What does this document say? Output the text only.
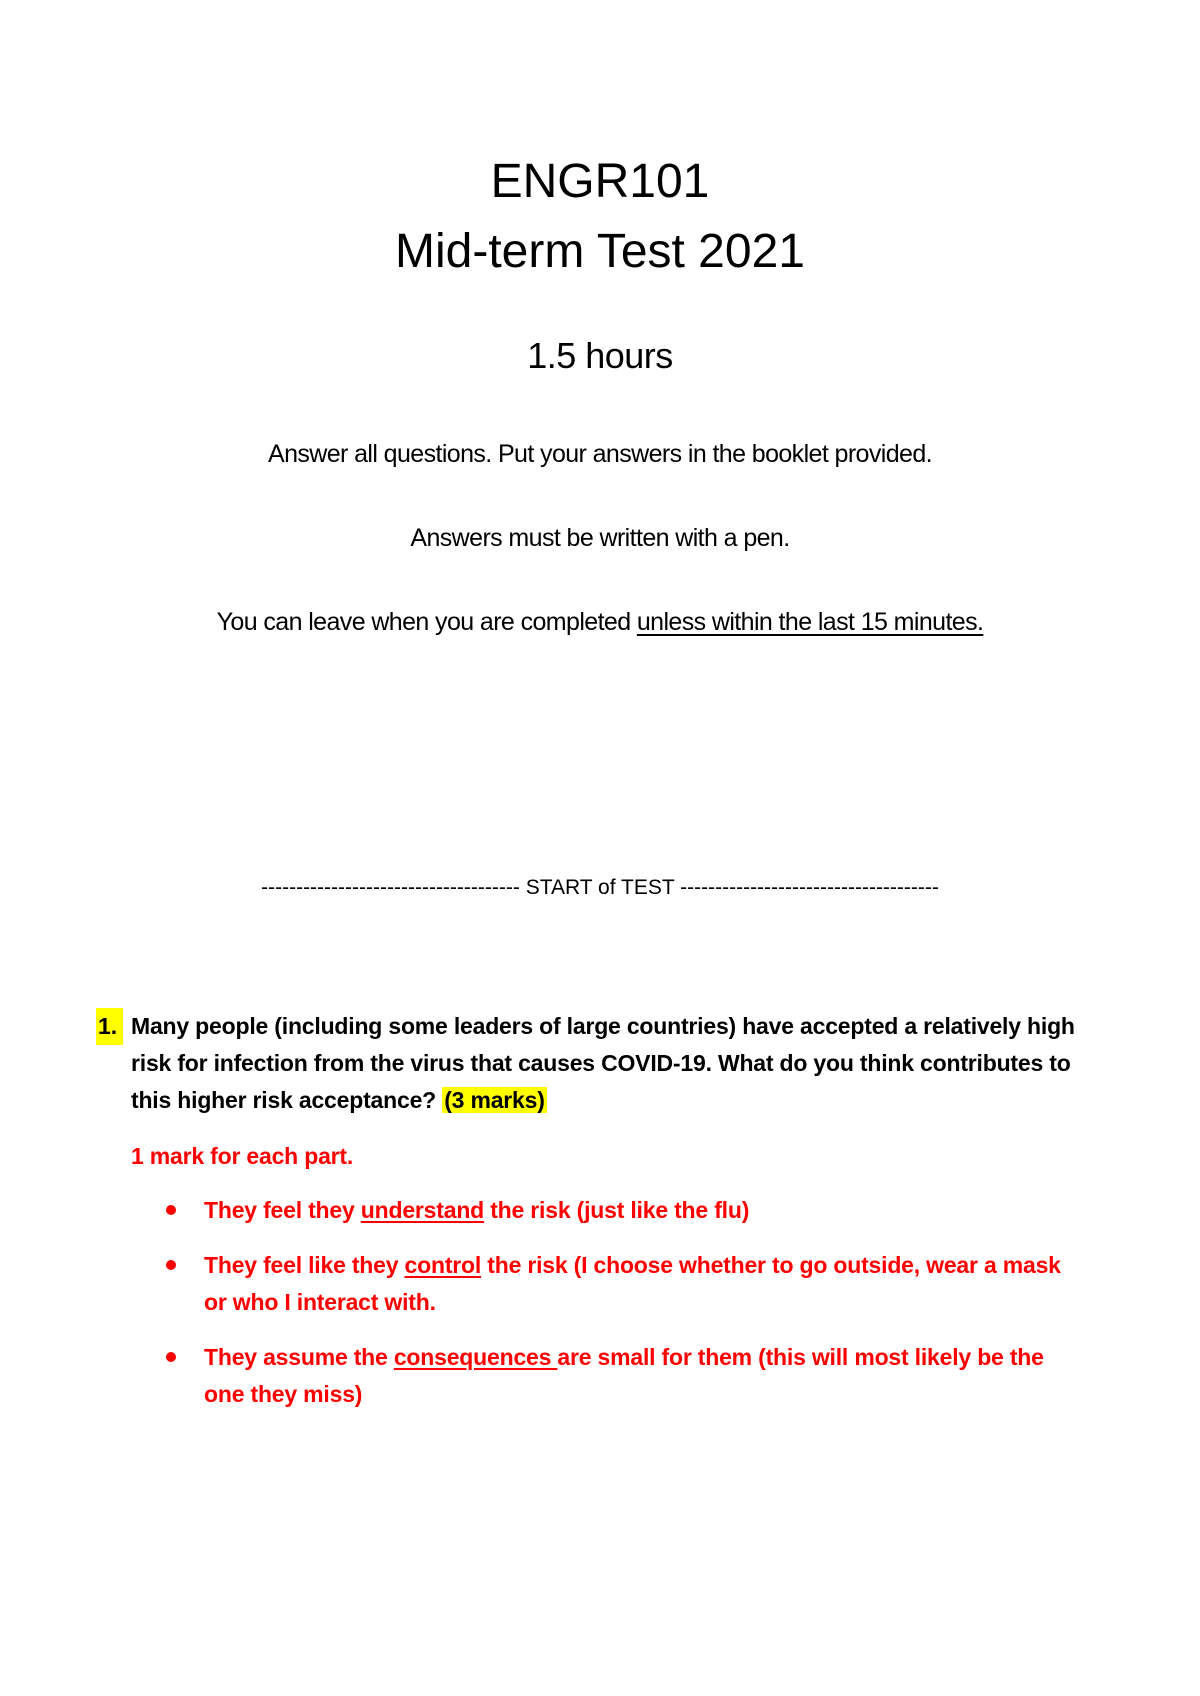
ENGR101
Mid-term Test 2021
1.5 hours
Answer all questions. Put your answers in the booklet provided.
Answers must be written with a pen.
You can leave when you are completed unless within the last 15 minutes.
------------------------------------- START of TEST -------------------------------------
1. Many people (including some leaders of large countries) have accepted a relatively high risk for infection from the virus that causes COVID-19. What do you think contributes to this higher risk acceptance? (3 marks)
1 mark for each part.
They feel they understand the risk (just like the flu)
They feel like they control the risk (I choose whether to go outside, wear a mask or who I interact with.
They assume the consequences are small for them (this will most likely be the one they miss)
